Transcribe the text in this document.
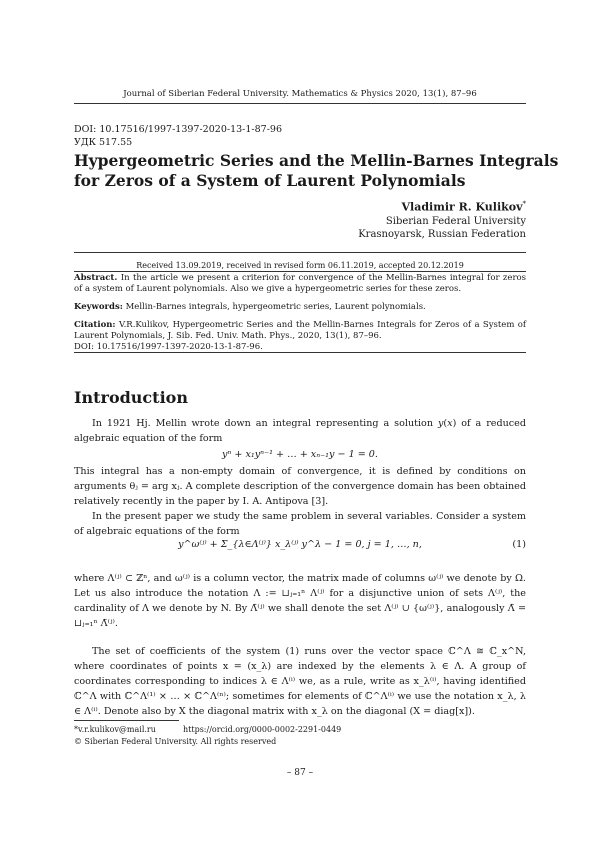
Journal of Siberian Federal University. Mathematics & Physics 2020, 13(1), 87–96
DOI: 10.17516/1997-1397-2020-13-1-87-96
УДК 517.55
Hypergeometric Series and the Mellin-Barnes Integrals
for Zeros of a System of Laurent Polynomials
Vladimir R. Kulikov*
Siberian Federal University
Krasnoyarsk, Russian Federation
Received 13.09.2019, received in revised form 06.11.2019, accepted 20.12.2019
Abstract. In the article we present a criterion for convergence of the Mellin-Barnes integral for zeros of a system of Laurent polynomials. Also we give a hypergeometric series for these zeros.
Keywords: Mellin-Barnes integrals, hypergeometric series, Laurent polynomials.
Citation: V.R.Kulikov, Hypergeometric Series and the Mellin-Barnes Integrals for Zeros of a System of Laurent Polynomials, J. Sib. Fed. Univ. Math. Phys., 2020, 13(1), 87–96.
DOI: 10.17516/1997-1397-2020-13-1-87-96.
Introduction
In 1921 Hj. Mellin wrote down an integral representing a solution y(x) of a reduced algebraic equation of the form
yⁿ + x₁yⁿ⁻¹ + … + xₙ₋₁y − 1 = 0.
This integral has a non-empty domain of convergence, it is defined by conditions on arguments θⱼ = arg xⱼ. A complete description of the convergence domain has been obtained relatively recently in the paper by I. A. Antipova [3].
In the present paper we study the same problem in several variables. Consider a system of algebraic equations of the form
y^ω⁽ʲ⁾ + Σ_{λ∈Λ⁽ʲ⁾} x_λ⁽ʲ⁾ y^λ − 1 = 0, j = 1, …, n,	(1)
where Λ⁽ʲ⁾ ⊂ ℤⁿ, and ω⁽ʲ⁾ is a column vector, the matrix made of columns ω⁽ʲ⁾ we denote by Ω. Let us also introduce the notation Λ := ⊔ⱼ₌₁ⁿ Λ⁽ʲ⁾ for a disjunctive union of sets Λ⁽ʲ⁾, the cardinality of Λ we denote by N. By Λ̄⁽ʲ⁾ we shall denote the set Λ⁽ʲ⁾ ∪ {ω⁽ʲ⁾}, analogously Λ̄ = ⊔ⱼ₌₁ⁿ Λ̄⁽ʲ⁾.
The set of coefficients of the system (1) runs over the vector space ℂ^Λ ≅ ℂ_x^N, where coordinates of points x = (x_λ) are indexed by the elements λ ∈ Λ. A group of coordinates corresponding to indices λ ∈ Λ⁽ⁱ⁾ we, as a rule, write as x_λ⁽ⁱ⁾, having identified ℂ^Λ with ℂ^Λ⁽¹⁾ × … × ℂ^Λ⁽ⁿ⁾; sometimes for elements of ℂ^Λ⁽ⁱ⁾ we use the notation x_λ, λ ∈ Λ⁽ⁱ⁾. Denote also by X the diagonal matrix with x_λ on the diagonal (X = diag[x]).
*v.r.kulikov@mail.ru	https://orcid.org/0000-0002-2291-0449
© Siberian Federal University. All rights reserved
– 87 –
